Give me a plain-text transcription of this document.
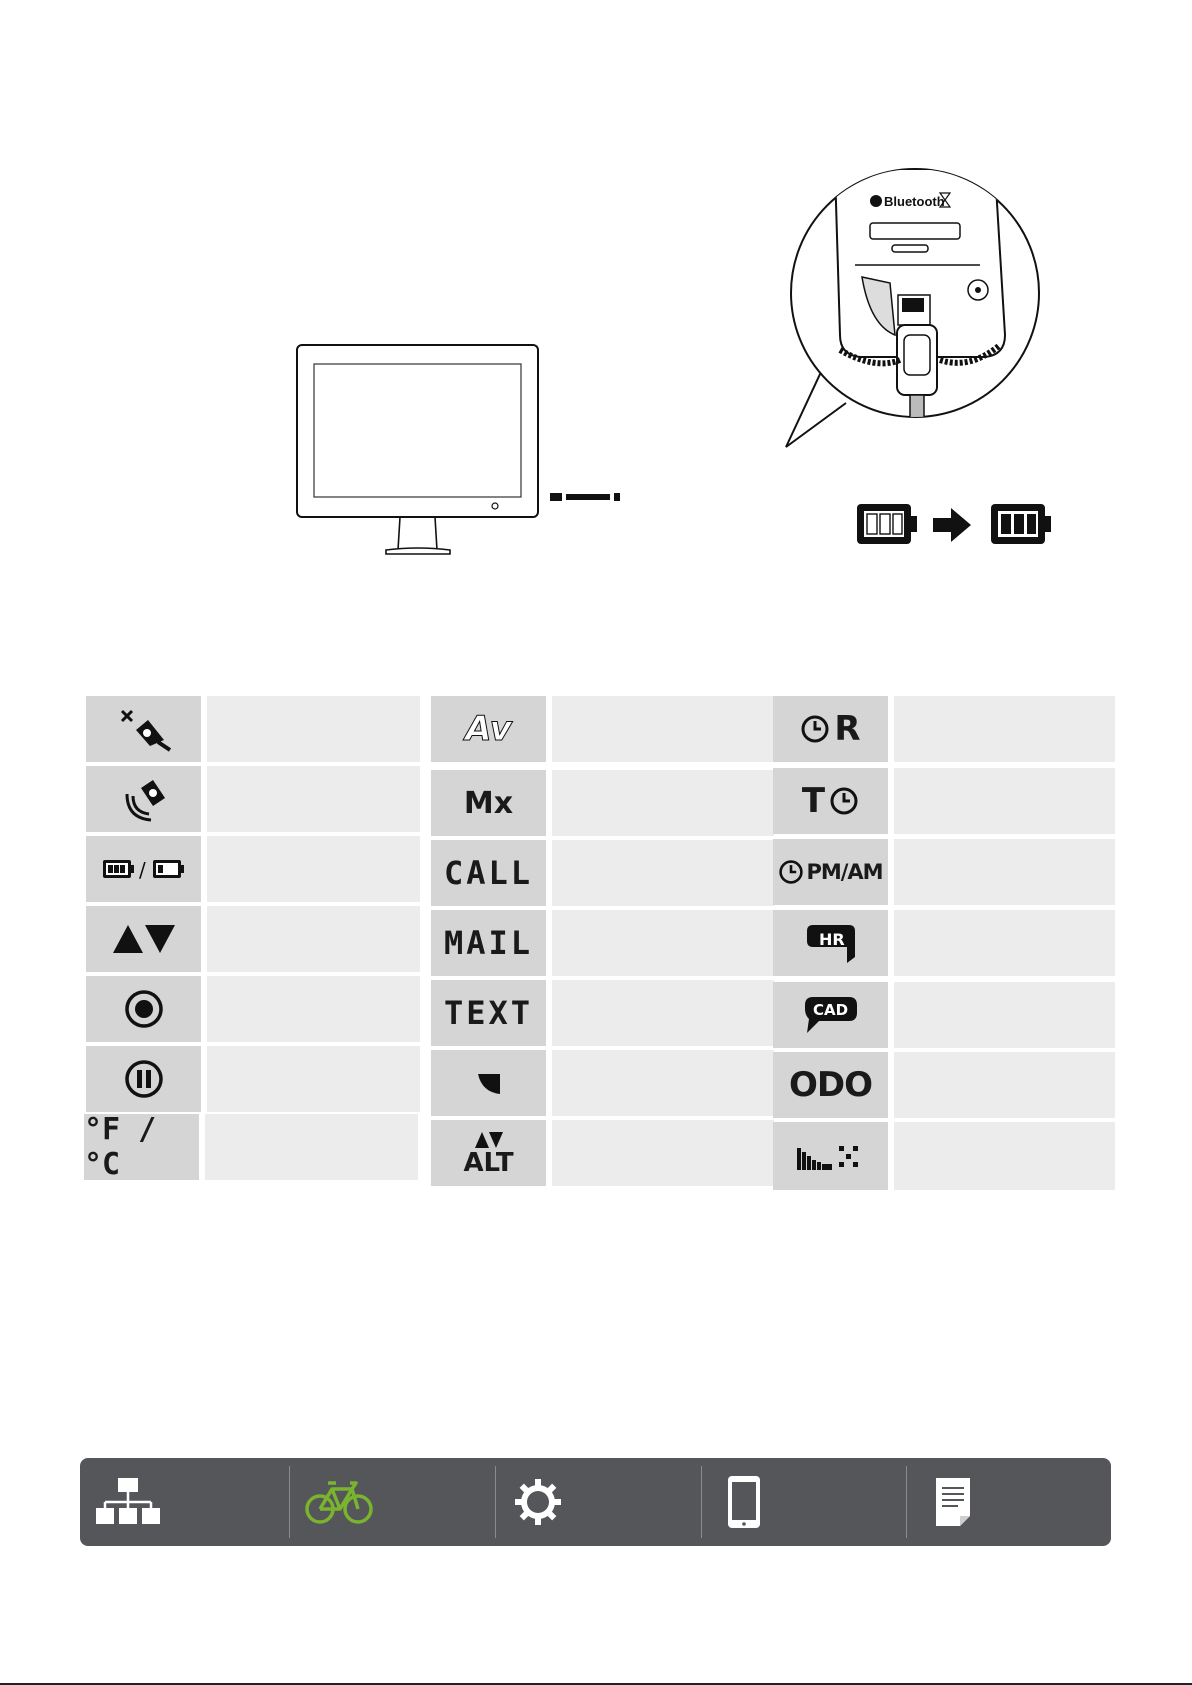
Bluetooth
/
°F / °C
Av
Mx
CALL
MAIL
TEXT
ALT
R
T
PM/AM
HR
CAD
ODO
